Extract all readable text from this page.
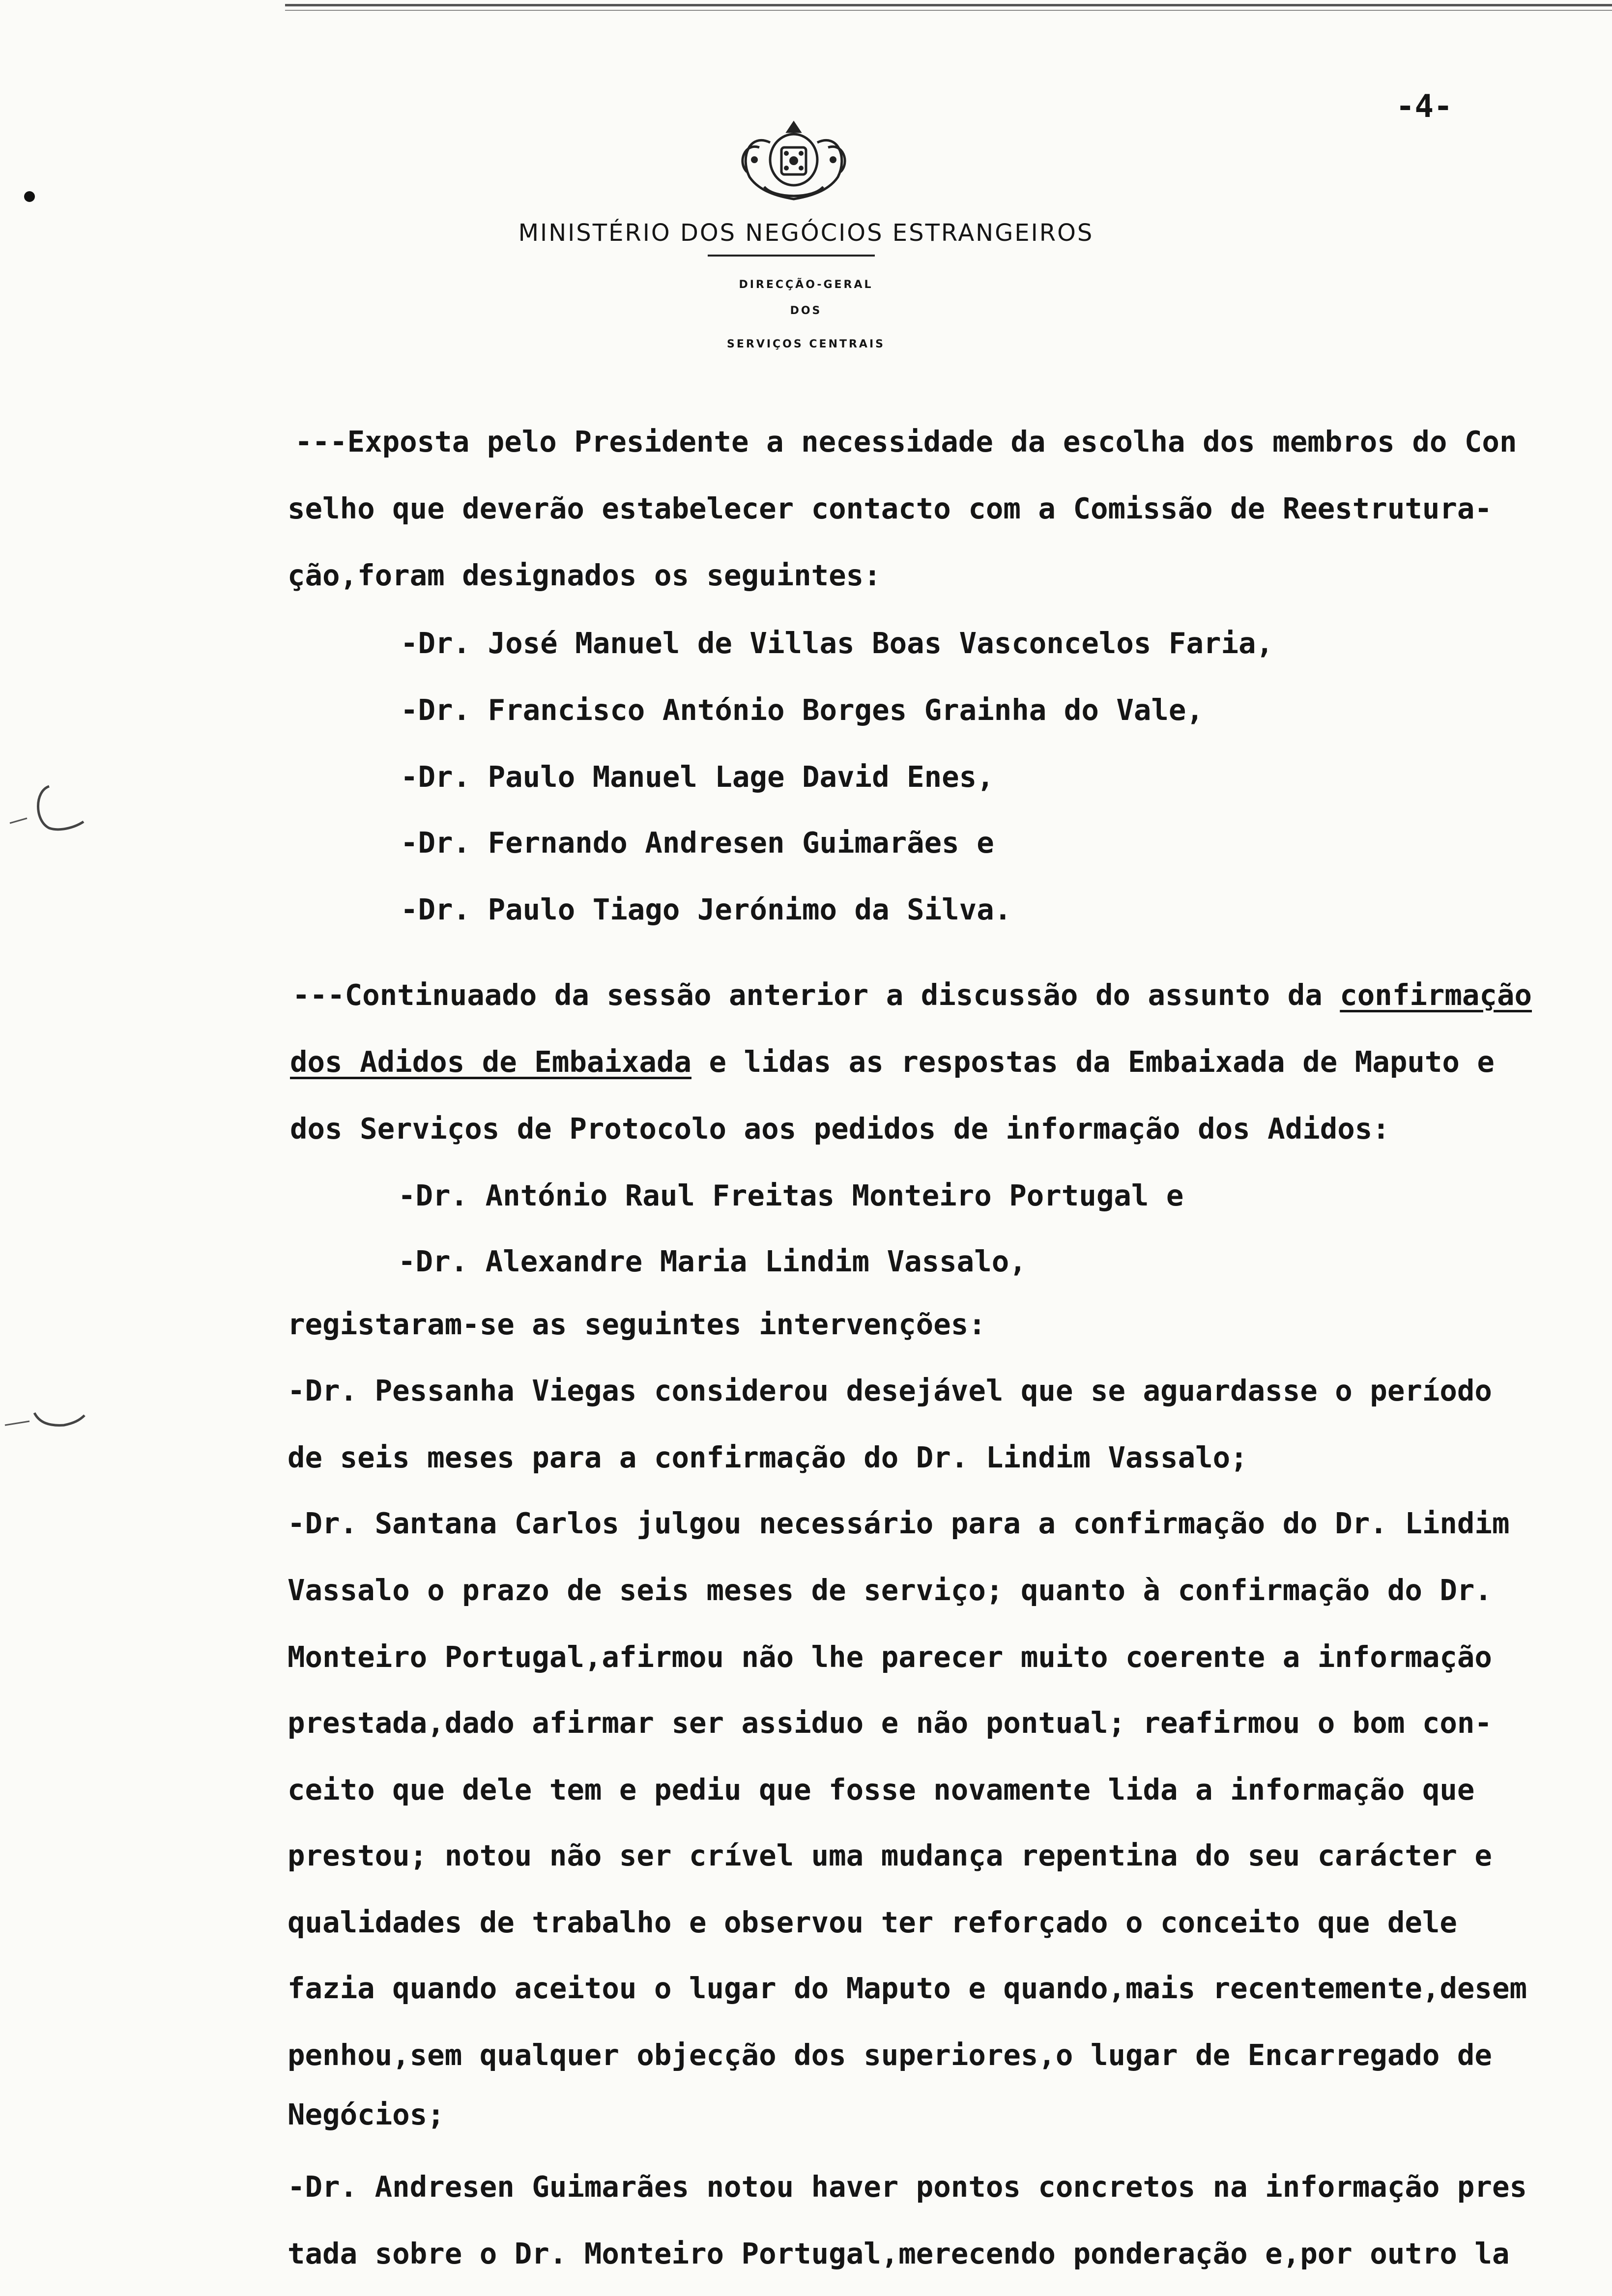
-4-
MINISTÉRIO DOS NEGÓCIOS ESTRANGEIROS
DIRECÇÃO-GERAL
DOS
SERVIÇOS CENTRAIS
---Exposta pelo Presidente a necessidade da escolha dos membros do Con
selho que deverão estabelecer contacto com a Comissão de Reestrutura-
ção,foram designados os seguintes:
-Dr. José Manuel de Villas Boas Vasconcelos Faria,
-Dr. Francisco António Borges Grainha do Vale,
-Dr. Paulo Manuel Lage David Enes,
-Dr. Fernando Andresen Guimarães e
-Dr. Paulo Tiago Jerónimo da Silva.
---Continuaado da sessão anterior a discussão do assunto da confirmação
dos Adidos de Embaixada e lidas as respostas da Embaixada de Maputo e
dos Serviços de Protocolo aos pedidos de informação dos Adidos:
-Dr. António Raul Freitas Monteiro Portugal e
-Dr. Alexandre Maria Lindim Vassalo,
registaram-se as seguintes intervenções:
-Dr. Pessanha Viegas considerou desejável que se aguardasse o período
de seis meses para a confirmação do Dr. Lindim Vassalo;
-Dr. Santana Carlos julgou necessário para a confirmação do Dr. Lindim
Vassalo o prazo de seis meses de serviço; quanto à confirmação do Dr.
Monteiro Portugal,afirmou não lhe parecer muito coerente a informação
prestada,dado afirmar ser assiduo e não pontual; reafirmou o bom con-
ceito que dele tem e pediu que fosse novamente lida a informação que
prestou; notou não ser crível uma mudança repentina do seu carácter e
qualidades de trabalho e observou ter reforçado o conceito que dele
fazia quando aceitou o lugar do Maputo e quando,mais recentemente,desem
penhou,sem qualquer objecção dos superiores,o lugar de Encarregado de
Negócios;
-Dr. Andresen Guimarães notou haver pontos concretos na informação pres
tada sobre o Dr. Monteiro Portugal,merecendo ponderação e,por outro la
